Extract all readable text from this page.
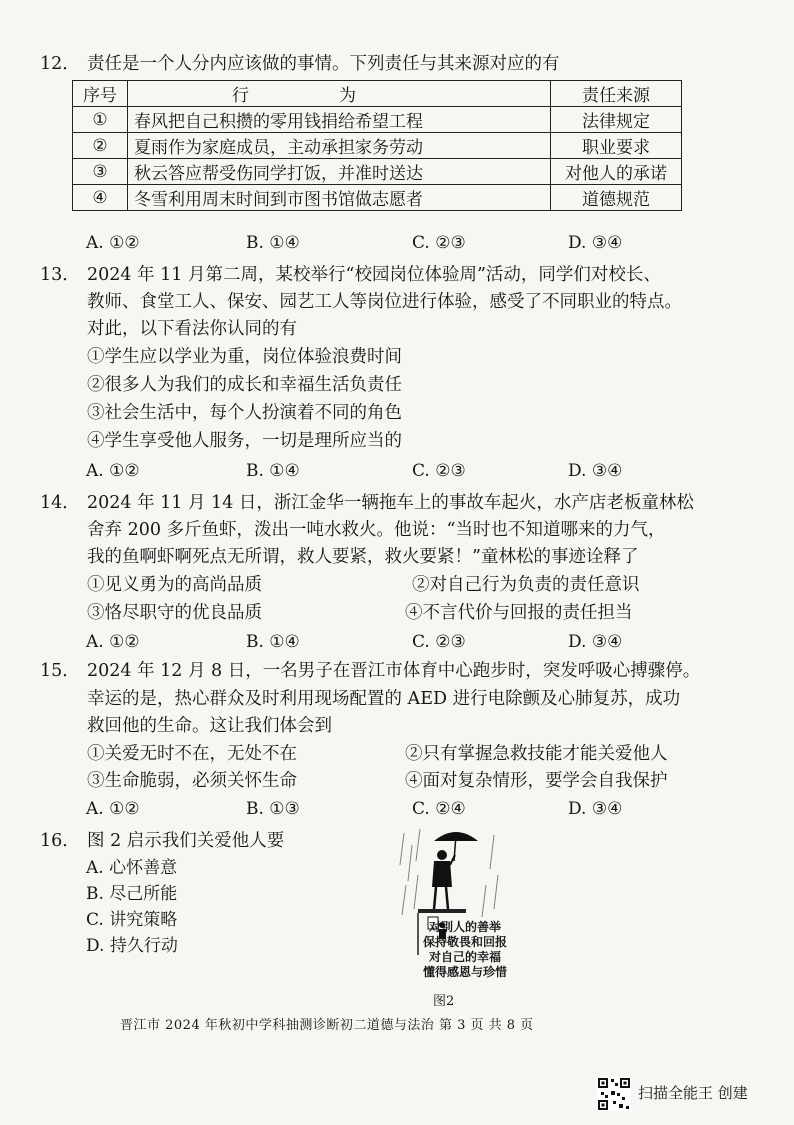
12． 责任是一个人分内应该做的事情。下列责任与其来源对应的有
序号	行为	责任来源
①	春风把自己积攒的零用钱捐给希望工程	法律规定
②	夏雨作为家庭成员，主动承担家务劳动	职业要求
③	秋云答应帮受伤同学打饭，并准时送达	对他人的承诺
④	冬雪利用周末时间到市图书馆做志愿者	道德规范
A. ①②	B. ①④	C. ②③	D. ③④
13． 2024 年 11 月第二周，某校举行“校园岗位体验周”活动，同学们对校长、
教师、食堂工人、保安、园艺工人等岗位进行体验，感受了不同职业的特点。
对此，以下看法你认同的有
①学生应以学业为重，岗位体验浪费时间
②很多人为我们的成长和幸福生活负责任
③社会生活中，每个人扮演着不同的角色
④学生享受他人服务，一切是理所应当的
A. ①②	B. ①④	C. ②③	D. ③④
14． 2024 年 11 月 14 日，浙江金华一辆拖车上的事故车起火，水产店老板童林松
舍弃 200 多斤鱼虾，泼出一吨水救火。他说：“当时也不知道哪来的力气，
我的鱼啊虾啊死点无所谓，救人要紧，救火要紧！”童林松的事迹诠释了
①见义勇为的高尚品质	②对自己行为负责的责任意识
③恪尽职守的优良品质	④不言代价与回报的责任担当
A. ①②	B. ①④	C. ②③	D. ③④
15． 2024 年 12 月 8 日，一名男子在晋江市体育中心跑步时，突发呼吸心搏骤停。
幸运的是，热心群众及时利用现场配置的 AED 进行电除颤及心肺复苏，成功
救回他的生命。这让我们体会到
①关爱无时不在，无处不在	②只有掌握急救技能才能关爱他人
③生命脆弱，必须关怀生命	④面对复杂情形，要学会自我保护
A. ①②	B. ①③	C. ②④	D. ③④
16． 图 2 启示我们关爱他人要
A. 心怀善意
B. 尽己所能
C. 讲究策略
D. 持久行动
对别人的善举
保持敬畏和回报
对自己的幸福
懂得感恩与珍惜
图2
晋江市 2024 年秋初中学科抽测诊断初二道德与法治 第 3 页 共 8 页
扫描全能王 创建
